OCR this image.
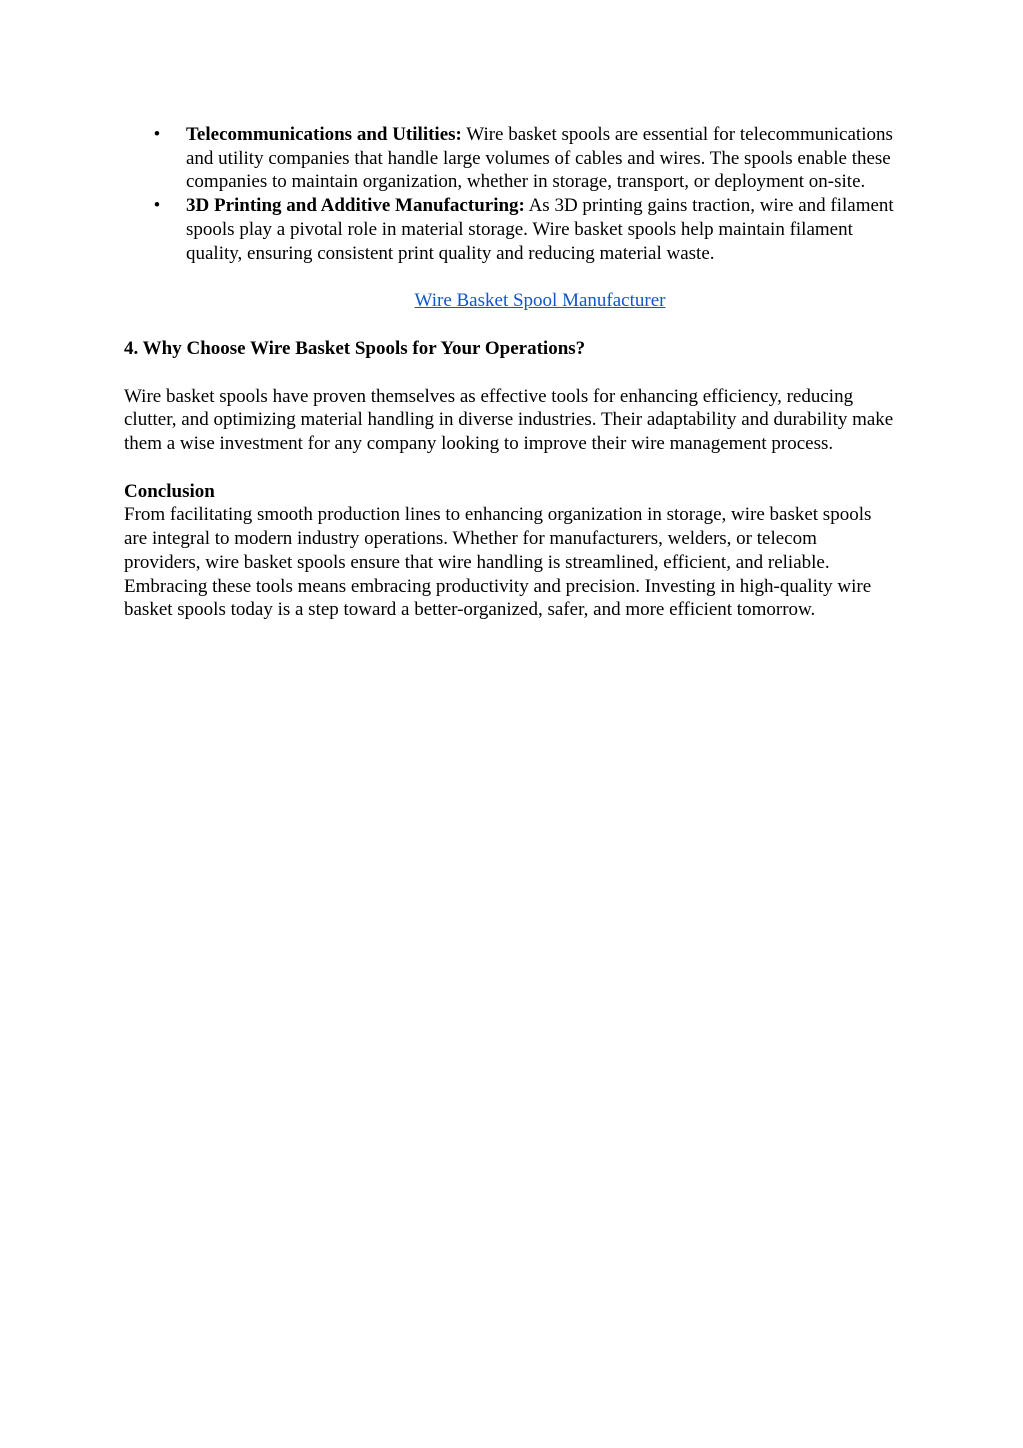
• Telecommunications and Utilities: Wire basket spools are essential for telecommunications and utility companies that handle large volumes of cables and wires. The spools enable these companies to maintain organization, whether in storage, transport, or deployment on-site.
• 3D Printing and Additive Manufacturing: As 3D printing gains traction, wire and filament spools play a pivotal role in material storage. Wire basket spools help maintain filament quality, ensuring consistent print quality and reducing material waste.
Wire Basket Spool Manufacturer
4. Why Choose Wire Basket Spools for Your Operations?

Wire basket spools have proven themselves as effective tools for enhancing efficiency, reducing clutter, and optimizing material handling in diverse industries. Their adaptability and durability make them a wise investment for any company looking to improve their wire management process.

Conclusion

From facilitating smooth production lines to enhancing organization in storage, wire basket spools are integral to modern industry operations. Whether for manufacturers, welders, or telecom providers, wire basket spools ensure that wire handling is streamlined, efficient, and reliable. Embracing these tools means embracing productivity and precision. Investing in high-quality wire basket spools today is a step toward a better-organized, safer, and more efficient tomorrow.
